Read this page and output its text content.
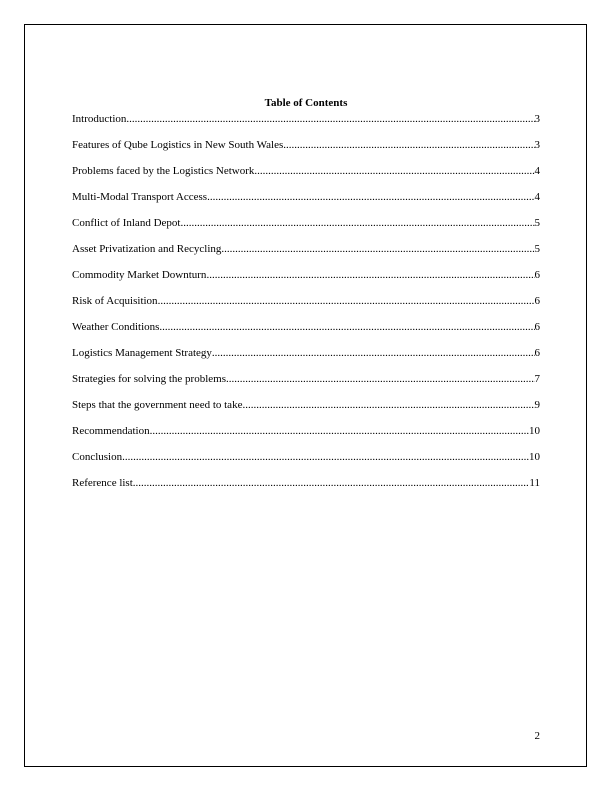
Table of Contents
Introduction .....	3
Features of Qube Logistics in New South Wales .....	3
Problems faced by the Logistics Network .....	4
Multi-Modal Transport Access .....	4
Conflict of Inland Depot .....	5
Asset Privatization and Recycling .....	5
Commodity Market Downturn .....	6
Risk of Acquisition .....	6
Weather Conditions .....	6
Logistics Management Strategy .....	6
Strategies for solving the problems .....	7
Steps that the government need to take .....	9
Recommendation .....	10
Conclusion .....	10
Reference list .....	11
2
